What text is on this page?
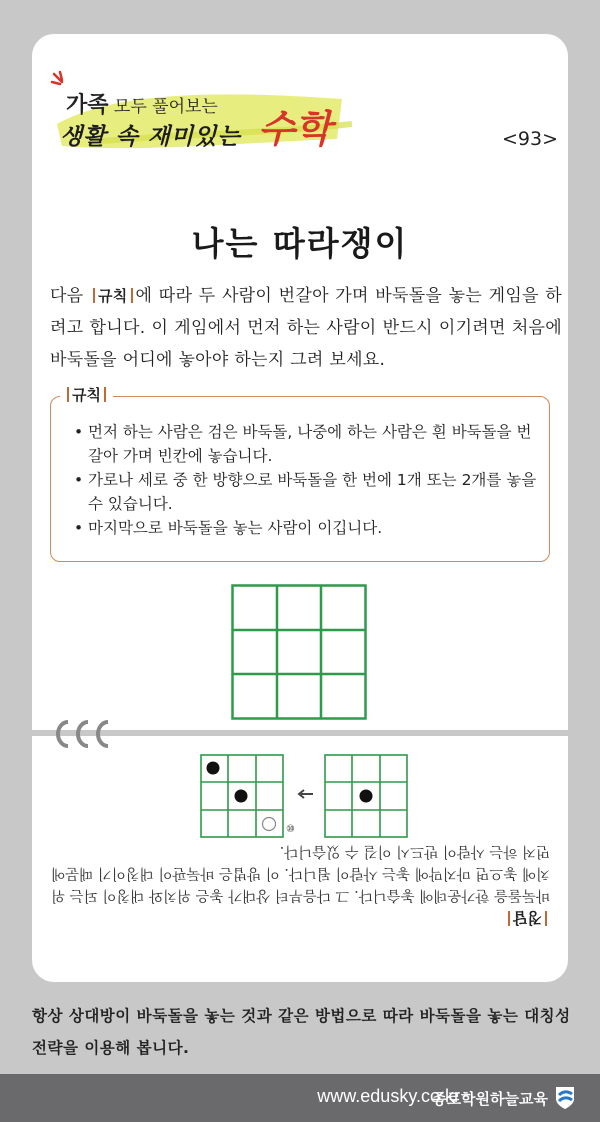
가족 모두 풀어보는
생활 속 재미있는 수학	<93>
나는 따라쟁이
다음 규칙 에 따라 두 사람이 번갈아 가며 바둑돌을 놓는 게임을 하려고 합니다. 이 게임에서 먼저 하는 사람이 반드시 이기려면 처음에 바둑돌을 어디에 놓아야 하는지 그려 보세요.
규칙
• 먼저 하는 사람은 검은 바둑돌, 나중에 하는 사람은 흰 바둑돌을 번갈아 가며 빈칸에 놓습니다.
• 가로나 세로 중 한 방향으로 바둑돌을 한 번에 1개 또는 2개를 놓을 수 있습니다.
• 마지막으로 바둑돌을 놓는 사람이 이깁니다.
⑩
정답
바둑돌을 한가운데에 놓습니다. 그 다음부터 상대가 놓은 위치와 대칭이 되는 위치에 놓으면 마지막에 놓는 사람이 됩니다. 이 방법은 바둑판이 대칭이기 때문에 먼저 하는 사람이 반드시 이길 수 있습니다.
항상 상대방이 바둑돌을 놓는 것과 같은 방법으로 따라 바둑돌을 놓는 대칭성 전략을 이용해 봅니다.
www.edusky.co.kr
종로학원하늘교육
